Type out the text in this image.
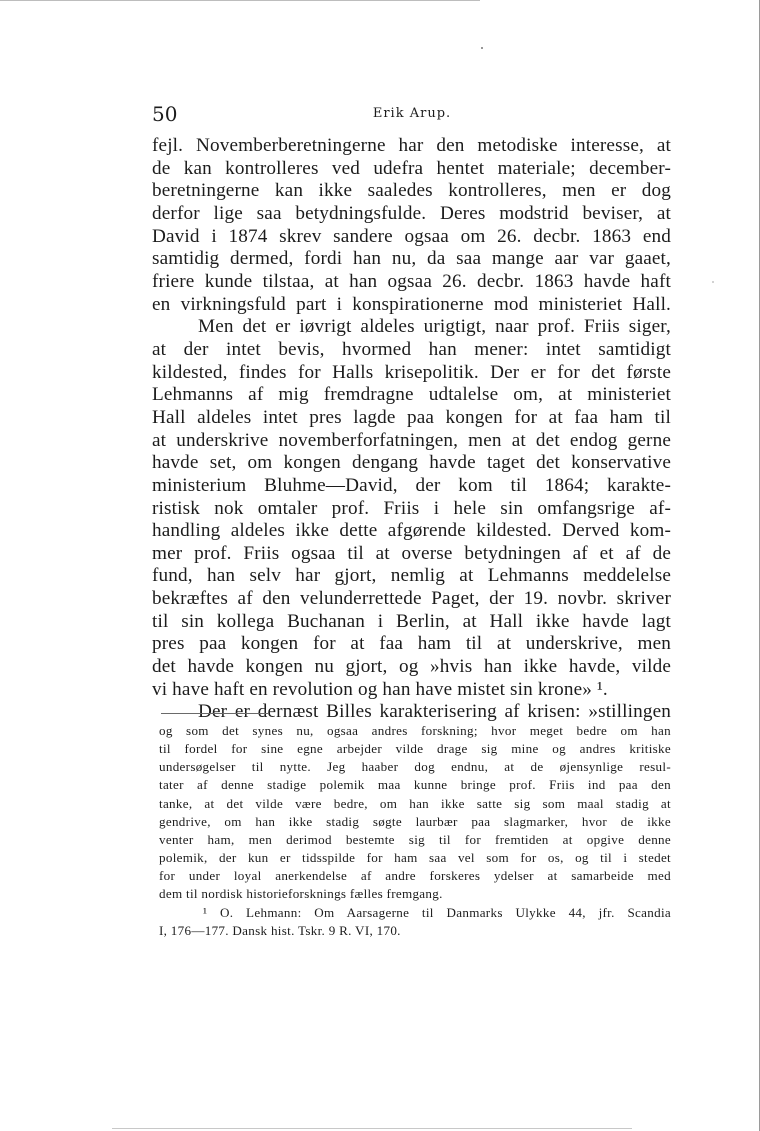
50	Erik Arup.
fejl. Novemberberetningerne har den metodiske interesse, at
de kan kontrolleres ved udefra hentet materiale; december-
beretningerne kan ikke saaledes kontrolleres, men er dog
derfor lige saa betydningsfulde. Deres modstrid beviser, at
David i 1874 skrev sandere ogsaa om 26. decbr. 1863 end
samtidig dermed, fordi han nu, da saa mange aar var gaaet,
friere kunde tilstaa, at han ogsaa 26. decbr. 1863 havde haft
en virkningsfuld part i konspirationerne mod ministeriet Hall.
Men det er iøvrigt aldeles urigtigt, naar prof. Friis siger,
at der intet bevis, hvormed han mener: intet samtidigt
kildested, findes for Halls krisepolitik. Der er for det første
Lehmanns af mig fremdragne udtalelse om, at ministeriet
Hall aldeles intet pres lagde paa kongen for at faa ham til
at underskrive novemberforfatningen, men at det endog gerne
havde set, om kongen dengang havde taget det konservative
ministerium Bluhme—David, der kom til 1864; karakte-
ristisk nok omtaler prof. Friis i hele sin omfangsrige af-
handling aldeles ikke dette afgørende kildested. Derved kom-
mer prof. Friis ogsaa til at overse betydningen af et af de
fund, han selv har gjort, nemlig at Lehmanns meddelelse
bekræftes af den velunderrettede Paget, der 19. novbr. skriver
til sin kollega Buchanan i Berlin, at Hall ikke havde lagt
pres paa kongen for at faa ham til at underskrive, men
det havde kongen nu gjort, og »hvis han ikke havde, vilde
vi have haft en revolution og han have mistet sin krone» ¹.
Der er dernæst Billes karakterisering af krisen: »stillingen
og som det synes nu, ogsaa andres forskning; hvor meget bedre om han
til fordel for sine egne arbejder vilde drage sig mine og andres kritiske
undersøgelser til nytte. Jeg haaber dog endnu, at de øjensynlige resul-
tater af denne stadige polemik maa kunne bringe prof. Friis ind paa den
tanke, at det vilde være bedre, om han ikke satte sig som maal stadig at
gendrive, om han ikke stadig søgte laurbær paa slagmarker, hvor de ikke
venter ham, men derimod bestemte sig til for fremtiden at opgive denne
polemik, der kun er tidsspilde for ham saa vel som for os, og til i stedet
for under loyal anerkendelse af andre forskeres ydelser at samarbeide med
dem til nordisk historieforsknings fælles fremgang.
¹ O. Lehmann: Om Aarsagerne til Danmarks Ulykke 44, jfr. Scandia
I, 176—177. Dansk hist. Tskr. 9 R. VI, 170.
